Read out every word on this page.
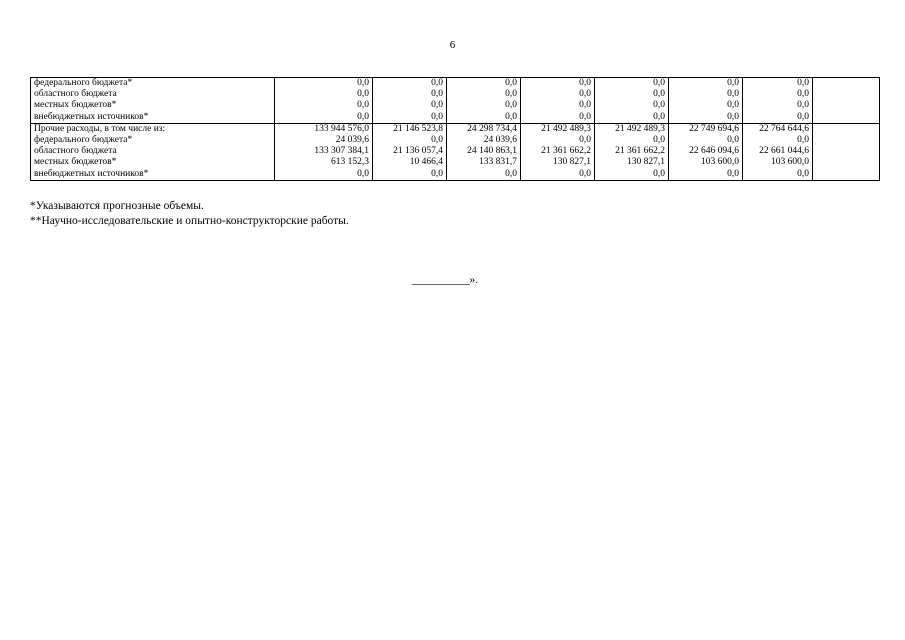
6
федерального бюджета*	0,0	0,0	0,0	0,0	0,0	0,0	0,0	
областного бюджета	0,0	0,0	0,0	0,0	0,0	0,0	0,0	
местных бюджетов*	0,0	0,0	0,0	0,0	0,0	0,0	0,0	
внебюджетных источников*	0,0	0,0	0,0	0,0	0,0	0,0	0,0	
Прочие расходы, в том числе из:	133 944 576,0	21 146 523,8	24 298 734,4	21 492 489,3	21 492 489,3	22 749 694,6	22 764 644,6	
федерального бюджета*	24 039,6	0,0	24 039,6	0,0	0,0	0,0	0,0	
областного бюджета	133 307 384,1	21 136 057,4	24 140 863,1	21 361 662,2	21 361 662,2	22 646 094,6	22 661 044,6	
местных бюджетов*	613 152,3	10 466,4	133 831,7	130 827,1	130 827,1	103 600,0	103 600,0	
внебюджетных источников*	0,0	0,0	0,0	0,0	0,0	0,0	0,0	
*Указываются прогнозные объемы.
**Научно-исследовательские и опытно-конструкторские работы.
__________».
